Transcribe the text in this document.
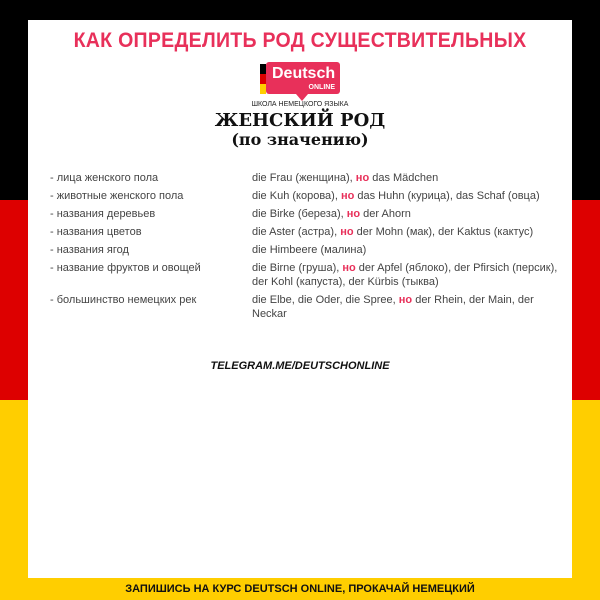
КАК ОПРЕДЕЛИТЬ РОД СУЩЕСТВИТЕЛЬНЫХ
Deutsch
ONLINE
ШКОЛА НЕМЕЦКОГО ЯЗЫКА
ЖЕНСКИЙ РОД
(по значению)
- лица женского пола	die Frau (женщина), но das Mädchen
- животные женского пола	die Kuh (корова), но das Huhn (курица), das Schaf (овца)
- названия деревьев	die Birke (береза), но der Ahorn
- названия цветов	die Aster (астра), но der Mohn (мак), der Kaktus (кактус)
- названия ягод	die Himbeere (малина)
- название фруктов и овощей	die Birne (груша), но der Apfel (яблоко), der Pfirsich (персик), der Kohl (капуста), der Kürbis (тыква)
- большинство немецких рек	die Elbe, die Oder, die Spree, но der Rhein, der Main, der Neckar
TELEGRAM.ME/DEUTSCHONLINE
ЗАПИШИСЬ НА КУРС DEUTSCH ONLINE, ПРОКАЧАЙ НЕМЕЦКИЙ
